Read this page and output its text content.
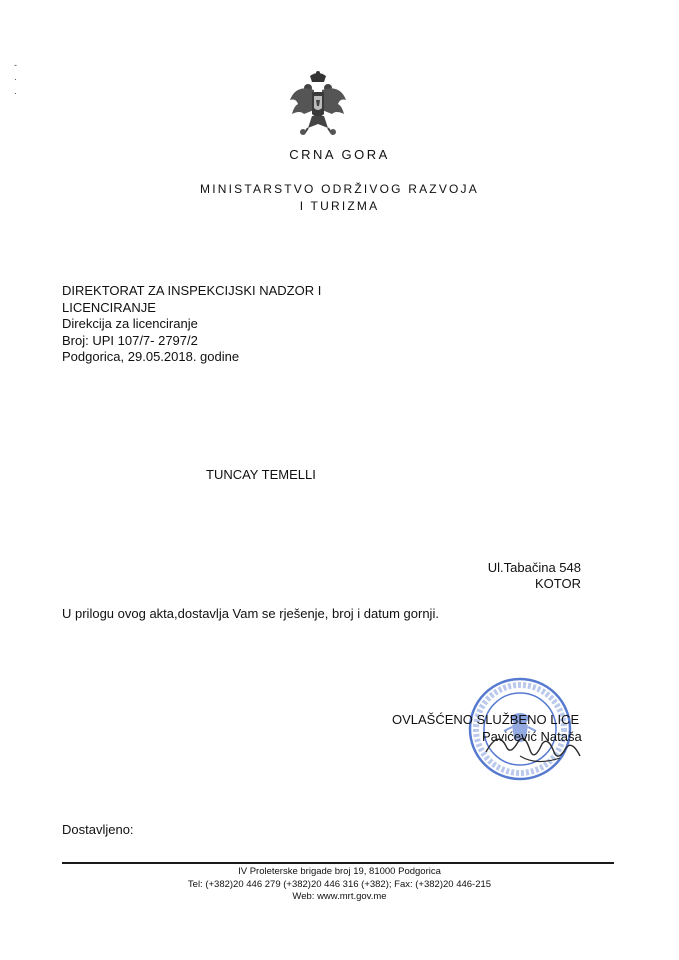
-
·
·
CRNA GORA
MINISTARSTVO ODRŽIVOG RAZVOJA
I TURIZMA
DIREKTORAT ZA INSPEKCIJSKI NADZOR I
LICENCIRANJE
Direkcija za licenciranje
Broj: UPI 107/7- 2797/2
Podgorica, 29.05.2018. godine
TUNCAY TEMELLI
Ul.Tabačina 548
KOTOR
U prilogu ovog akta,dostavlja Vam se rješenje, broj i datum gornji.
OVLAŠĆENO SLUŽBENO LICE
Pavićević Nataša
Dostavljeno:
IV Proleterske brigade broj 19, 81000 Podgorica
Tel: (+382)20 446 279 (+382)20 446 316 (+382); Fax: (+382)20 446-215
Web: www.mrt.gov.me
